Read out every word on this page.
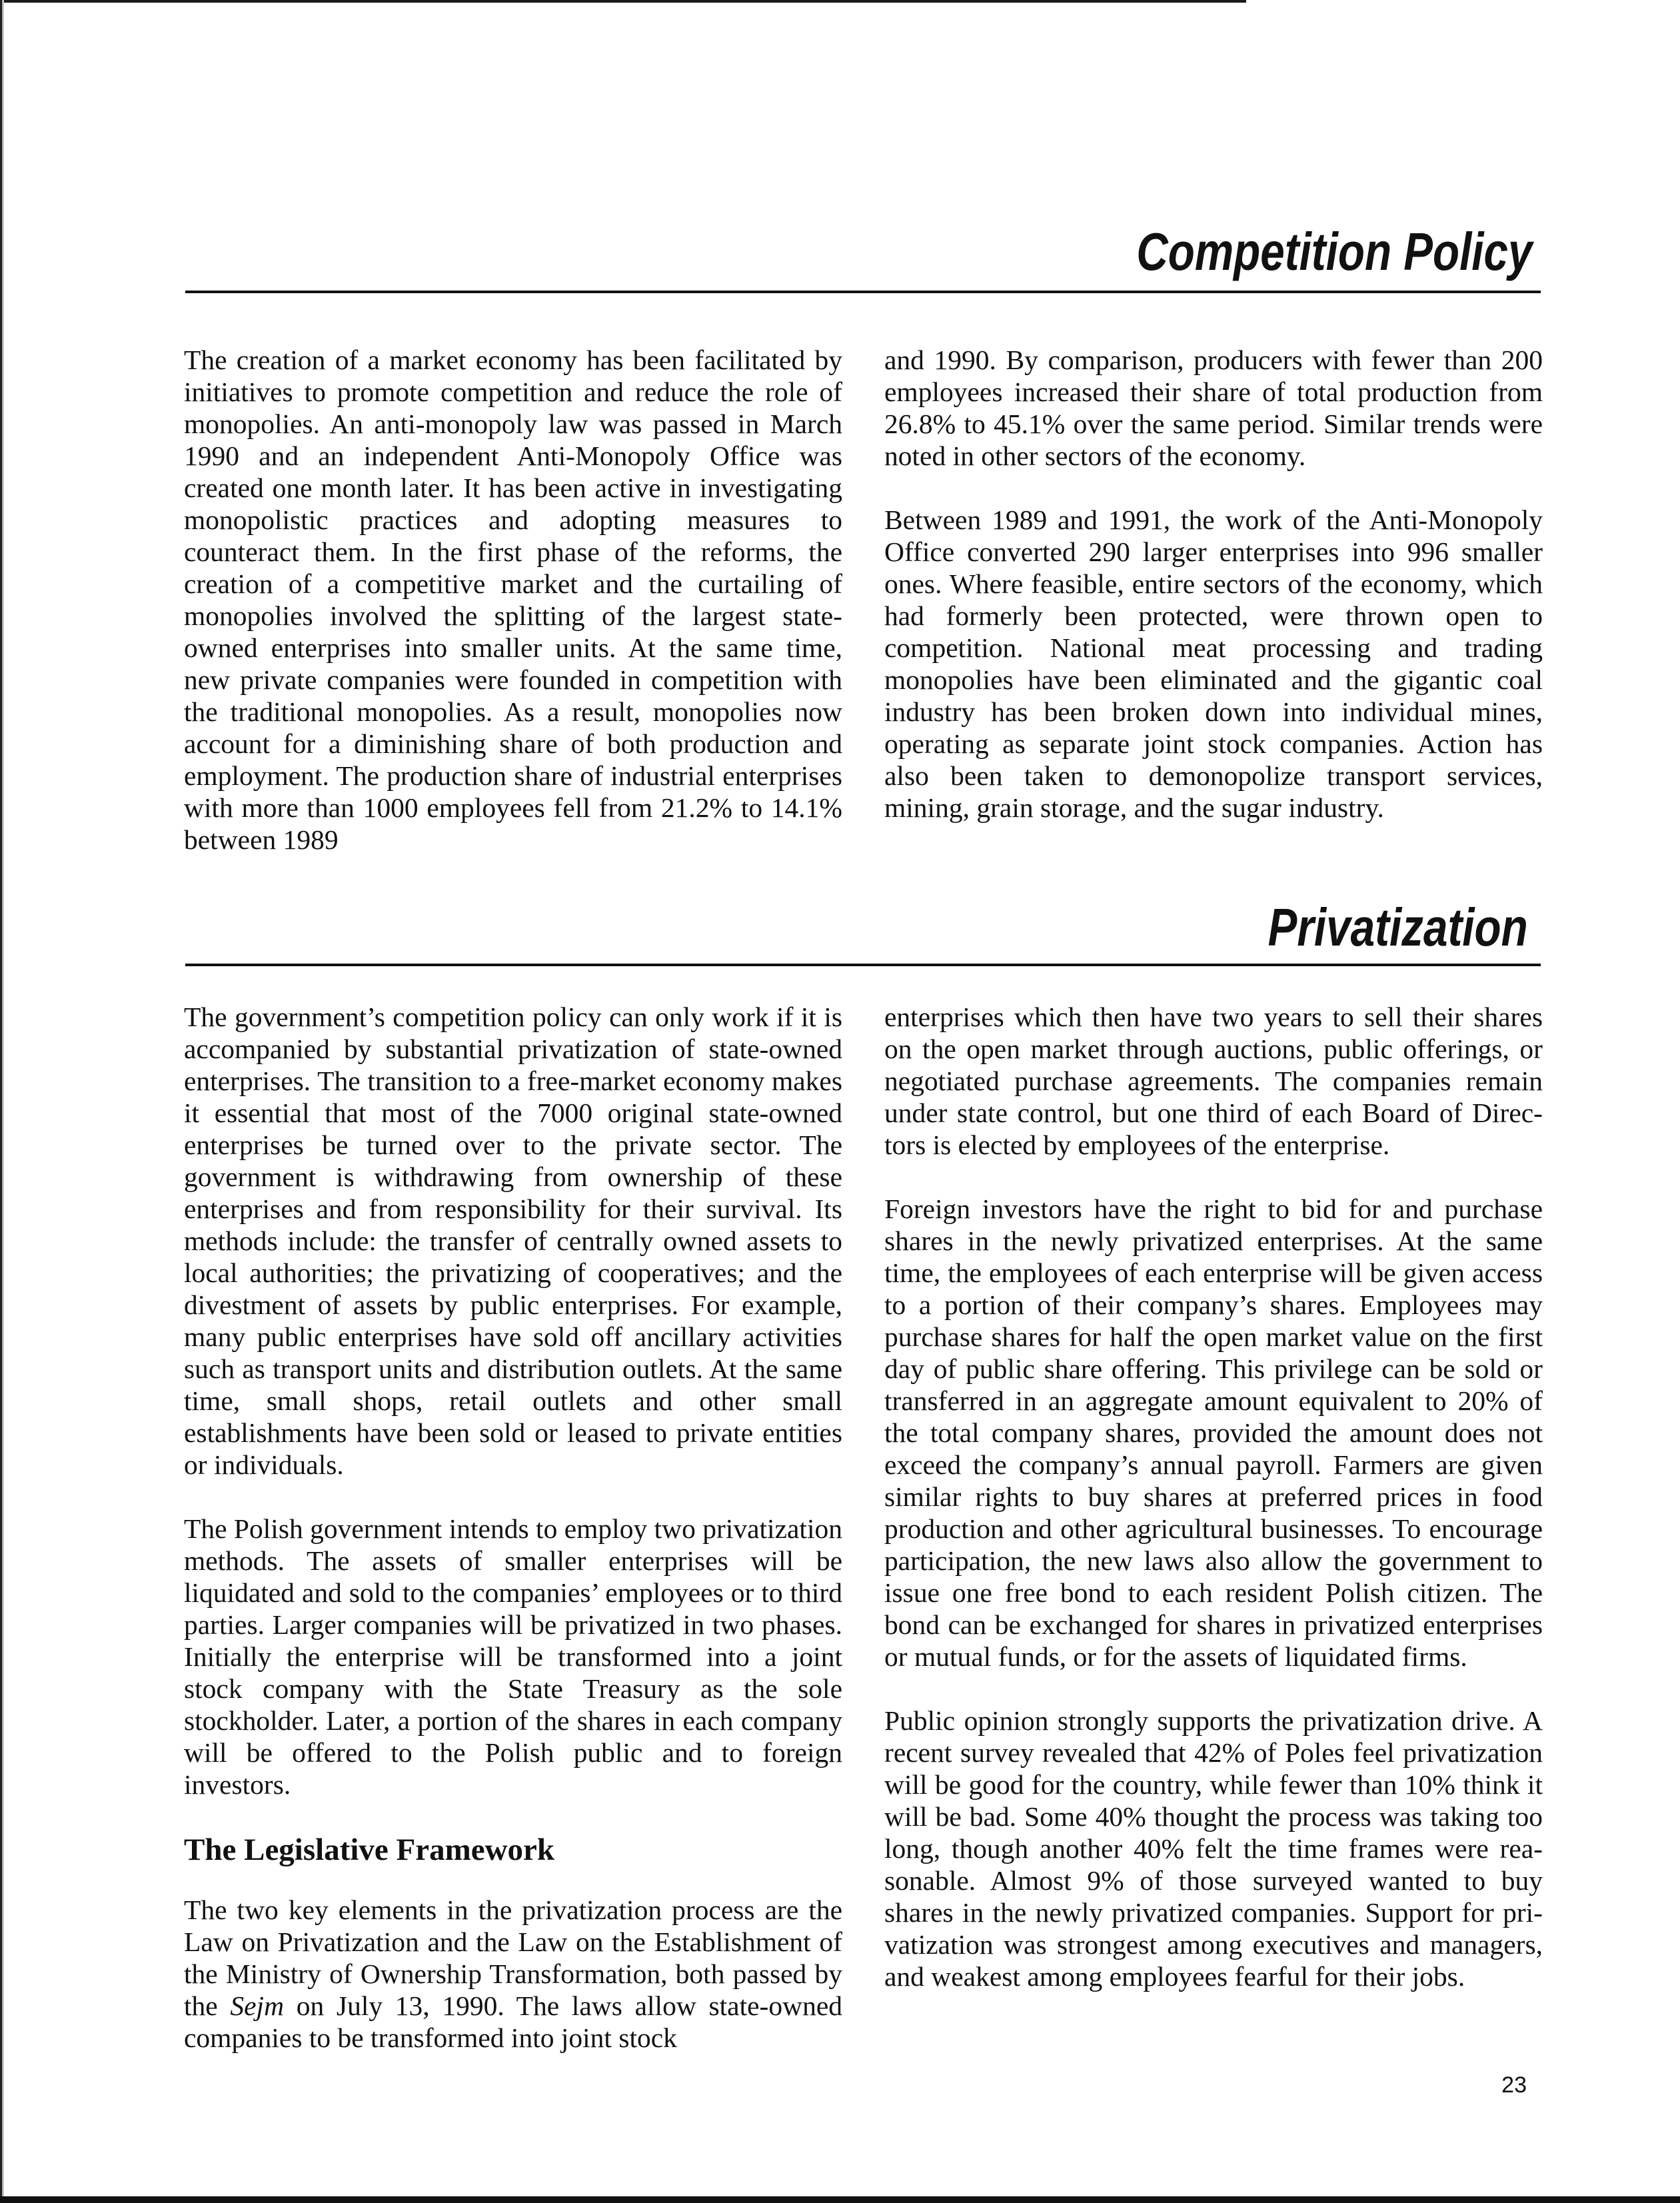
Competition Policy

The creation of a market economy has been facilitated by initiatives to promote competition and reduce the role of monopolies. An anti-monopoly law was passed in March 1990 and an independent Anti-Monopoly Office was created one month later. It has been active in investigating monopolistic practices and adopting measures to counteract them. In the first phase of the reforms, the creation of a competitive market and the curtailing of monopolies involved the splitting of the largest state-owned enterprises into smaller units. At the same time, new private companies were founded in competition with the traditional monopolies. As a result, monopolies now account for a diminishing share of both production and employment. The production share of industrial enterprises with more than 1000 employees fell from 21.2% to 14.1% between 1989

and 1990. By comparison, producers with fewer than 200 employees increased their share of total production from 26.8% to 45.1% over the same period. Similar trends were noted in other sectors of the economy.

Between 1989 and 1991, the work of the Anti-Monopoly Office converted 290 larger enterprises into 996 smaller ones. Where feasible, entire sectors of the economy, which had formerly been protected, were thrown open to competition. National meat processing and trading monopolies have been eliminated and the gigantic coal industry has been broken down into individual mines, operating as separate joint stock companies. Action has also been taken to demonopolize transport services, mining, grain storage, and the sugar industry.

Privatization

The government’s competition policy can only work if it is accompanied by substantial privatization of state-owned enterprises. The transition to a free-market economy makes it essential that most of the 7000 original state-owned enterprises be turned over to the private sector. The government is withdrawing from ownership of these enterprises and from responsibility for their survival. Its methods include: the transfer of centrally owned assets to local authorities; the privatizing of cooperatives; and the divestment of assets by public enterprises. For example, many public enterprises have sold off ancillary activities such as transport units and distribution outlets. At the same time, small shops, retail outlets and other small establishments have been sold or leased to private entities or individuals.

The Polish government intends to employ two privatization methods. The assets of smaller enterprises will be liquidated and sold to the companies’ employees or to third parties. Larger companies will be privatized in two phases. Initially the enterprise will be transformed into a joint stock company with the State Treasury as the sole stockholder. Later, a portion of the shares in each company will be offered to the Polish public and to foreign investors.

The Legislative Framework

The two key elements in the privatization process are the Law on Privatization and the Law on the Establishment of the Ministry of Ownership Transformation, both passed by the Sejm on July 13, 1990. The laws allow state-owned companies to be transformed into joint stock

enterprises which then have two years to sell their shares on the open market through auctions, public offerings, or negotiated purchase agreements. The companies remain under state control, but one third of each Board of Directors is elected by employees of the enterprise.

Foreign investors have the right to bid for and purchase shares in the newly privatized enterprises. At the same time, the employees of each enterprise will be given access to a portion of their company’s shares. Employees may purchase shares for half the open market value on the first day of public share offering. This privilege can be sold or transferred in an aggregate amount equivalent to 20% of the total company shares, provided the amount does not exceed the company’s annual payroll. Farmers are given similar rights to buy shares at preferred prices in food production and other agricultural businesses. To encourage participation, the new laws also allow the government to issue one free bond to each resident Polish citizen. The bond can be exchanged for shares in privatized enterprises or mutual funds, or for the assets of liquidated firms.

Public opinion strongly supports the privatization drive. A recent survey revealed that 42% of Poles feel privatization will be good for the country, while fewer than 10% think it will be bad. Some 40% thought the process was taking too long, though another 40% felt the time frames were reasonable. Almost 9% of those surveyed wanted to buy shares in the newly privatized companies. Support for privatization was strongest among executives and managers, and weakest among employees fearful for their jobs.

23
